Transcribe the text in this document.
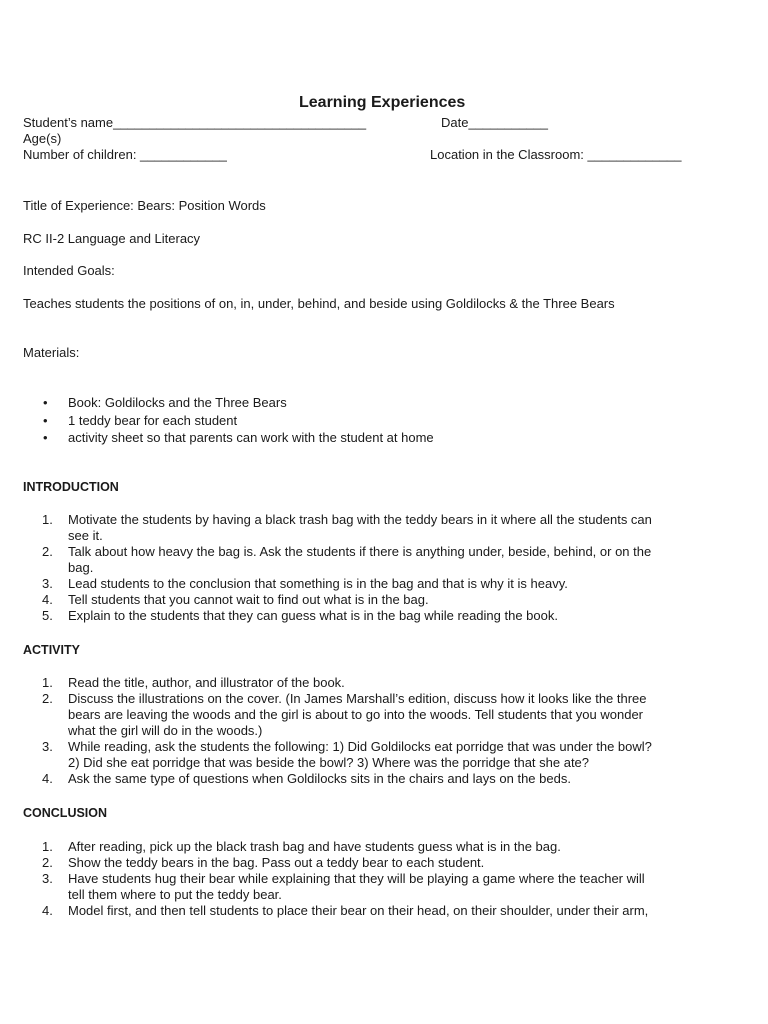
Learning Experiences
Student’s name___________________________________	Date___________
Age(s)
Number of children: ____________	Location in the Classroom: _____________
Title of Experience: Bears: Position Words
RC II-2 Language and Literacy
Intended Goals:
Teaches students the positions of on, in, under, behind, and beside using Goldilocks & the Three Bears
Materials:
• Book: Goldilocks and the Three Bears
• 1 teddy bear for each student
• activity sheet so that parents can work with the student at home
INTRODUCTION
1. Motivate the students by having a black trash bag with the teddy bears in it where all the students can
see it.
2. Talk about how heavy the bag is. Ask the students if there is anything under, beside, behind, or on the
bag.
3. Lead students to the conclusion that something is in the bag and that is why it is heavy.
4. Tell students that you cannot wait to find out what is in the bag.
5. Explain to the students that they can guess what is in the bag while reading the book.
ACTIVITY
1. Read the title, author, and illustrator of the book.
2. Discuss the illustrations on the cover. (In James Marshall’s edition, discuss how it looks like the three
bears are leaving the woods and the girl is about to go into the woods. Tell students that you wonder
what the girl will do in the woods.)
3. While reading, ask the students the following: 1) Did Goldilocks eat porridge that was under the bowl?
2) Did she eat porridge that was beside the bowl? 3) Where was the porridge that she ate?
4. Ask the same type of questions when Goldilocks sits in the chairs and lays on the beds.
CONCLUSION
1. After reading, pick up the black trash bag and have students guess what is in the bag.
2. Show the teddy bears in the bag. Pass out a teddy bear to each student.
3. Have students hug their bear while explaining that they will be playing a game where the teacher will
tell them where to put the teddy bear.
4. Model first, and then tell students to place their bear on their head, on their shoulder, under their arm,
